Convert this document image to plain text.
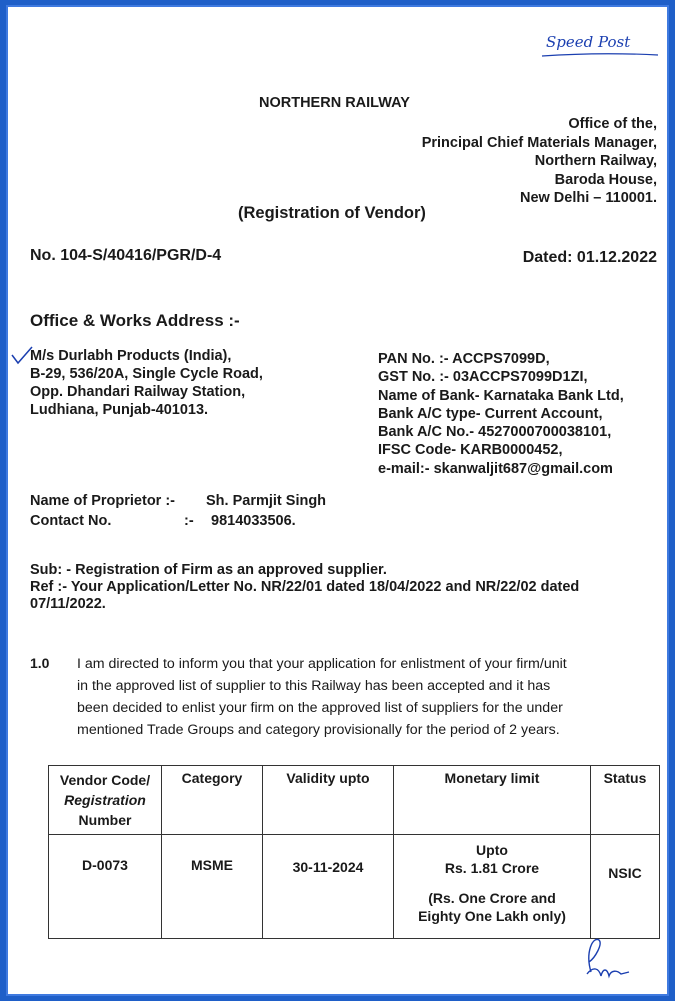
Speed Post
NORTHERN RAILWAY
Office of the,
Principal Chief Materials Manager,
Northern Railway,
Baroda House,
New Delhi – 110001.
(Registration of Vendor)
No. 104-S/40416/PGR/D-4	Dated: 01.12.2022
Office & Works Address :-
M/s Durlabh Products (India),
B-29, 536/20A, Single Cycle Road,
Opp. Dhandari Railway Station,
Ludhiana, Punjab-401013.
PAN No. :- ACCPS7099D,
GST No. :- 03ACCPS7099D1ZI,
Name of Bank- Karnataka Bank Ltd,
Bank A/C type- Current Account,
Bank A/C No.- 4527000700038101,
IFSC Code- KARB0000452,
e-mail:- skanwaljit687@gmail.com
Name of Proprietor :- Sh. Parmjit Singh
Contact No.	:- 9814033506.
Sub: - Registration of Firm as an approved supplier.
Ref :- Your Application/Letter No. NR/22/01 dated 18/04/2022 and NR/22/02 dated
07/11/2022.
1.0 I am directed to inform you that your application for enlistment of your firm/unit
in the approved list of supplier to this Railway has been accepted and it has
been decided to enlist your firm on the approved list of suppliers for the under
mentioned Trade Groups and category provisionally for the period of 2 years.
Vendor Code/
Registration
Number	Category	Validity upto	Monetary limit	Status
D-0073	MSME	30-11-2024	Upto
Rs. 1.81 Crore
(Rs. One Crore and
Eighty One Lakh only)	NSIC
